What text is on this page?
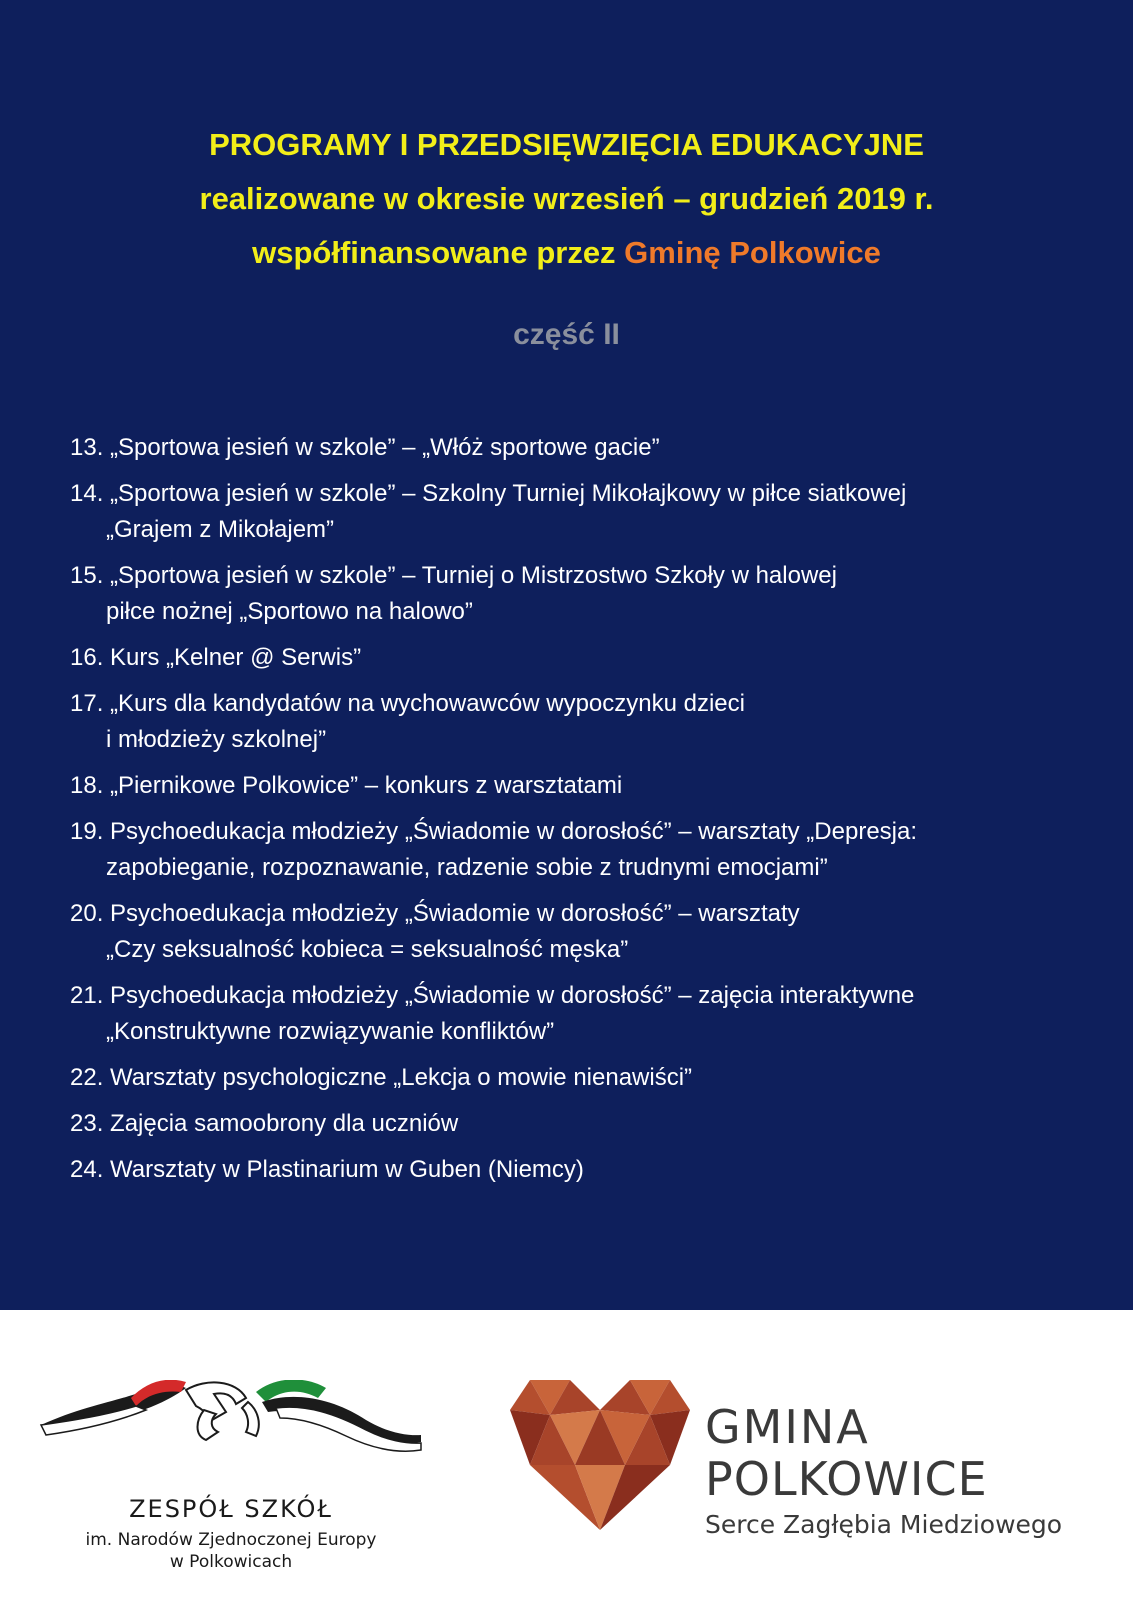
PROGRAMY I PRZEDSIĘWZIĘCIA EDUKACYJNE
realizowane w okresie wrzesień – grudzień 2019 r.
współfinansowane przez Gminę Polkowice
część II
13. „Sportowa jesień w szkole” – „Włóż sportowe gacie”
14. „Sportowa jesień w szkole” – Szkolny Turniej Mikołajkowy w piłce siatkowej
„Grajem z Mikołajem”
15. „Sportowa jesień w szkole” – Turniej o Mistrzostwo Szkoły w halowej
piłce nożnej „Sportowo na halowo”
16. Kurs „Kelner @ Serwis”
17. „Kurs dla kandydatów na wychowawców wypoczynku dzieci
i młodzieży szkolnej”
18. „Piernikowe Polkowice” – konkurs z warsztatami
19. Psychoedukacja młodzieży „Świadomie w dorosłość” – warsztaty „Depresja:
zapobieganie, rozpoznawanie, radzenie sobie z trudnymi emocjami”
20. Psychoedukacja młodzieży „Świadomie w dorosłość” – warsztaty
„Czy seksualność kobieca = seksualność męska”
21. Psychoedukacja młodzieży „Świadomie w dorosłość” – zajęcia interaktywne
„Konstruktywne rozwiązywanie konfliktów”
22. Warsztaty psychologiczne „Lekcja o mowie nienawiści”
23. Zajęcia samoobrony dla uczniów
24. Warsztaty w Plastinarium w Guben (Niemcy)
ZESPÓŁ SZKÓŁ
im. Narodów Zjednoczonej Europy
w Polkowicach
GMINA
POLKOWICE
Serce Zagłębia Miedziowego
